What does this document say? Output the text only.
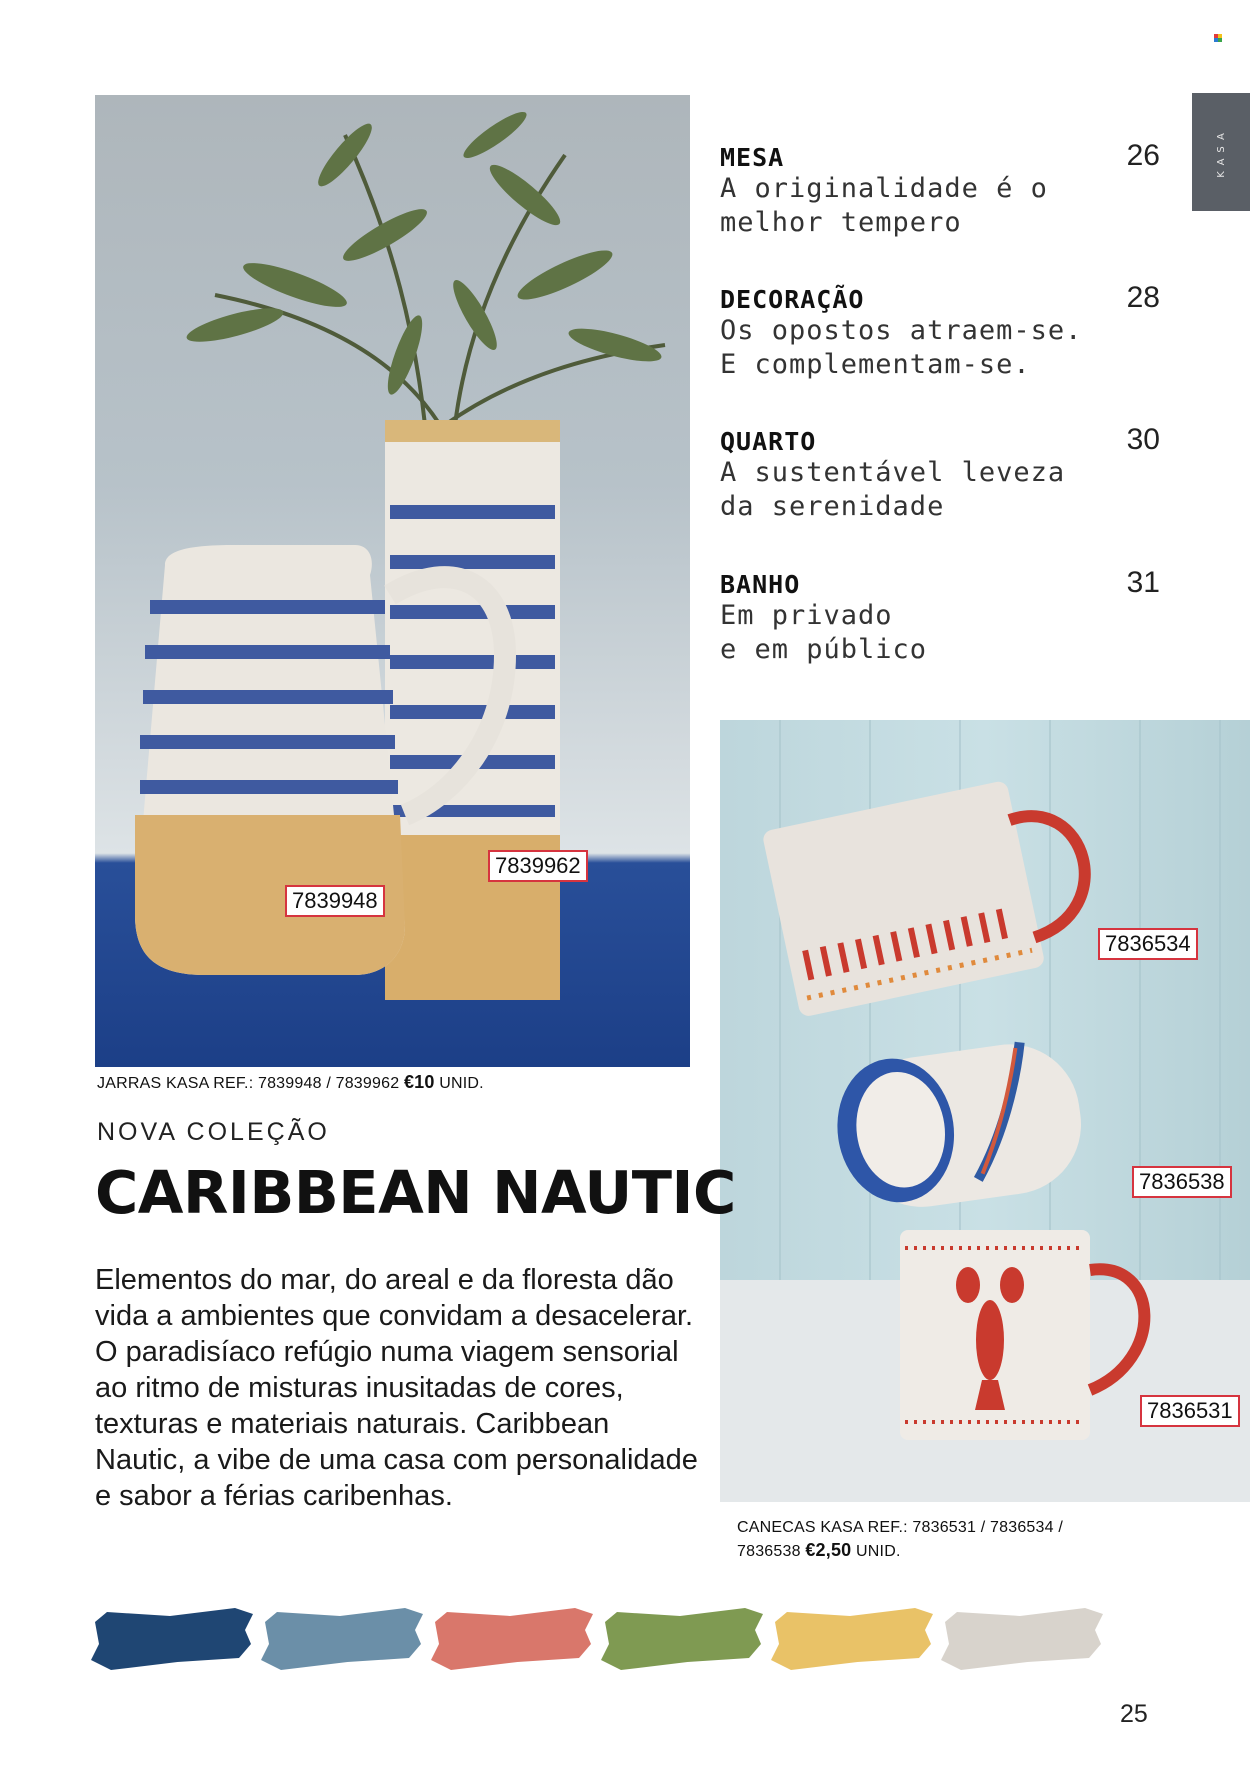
KASA
7839962
7839948
JARRAS KASA REF.: 7839948 / 7839962 €10 UNID.
MESA
A originalidade é o
melhor tempero
26
DECORAÇÃO
Os opostos atraem-se.
E complementam-se.
28
QUARTO
A sustentável leveza
da serenidade
30
BANHO
Em privado
e em público
31
7836534
7836538
7836531
CANECAS KASA REF.: 7836531 / 7836534 /
7836538 €2,50 UNID.
NOVA COLEÇÃO
CARIBBEAN NAUTIC
Elementos do mar, do areal e da floresta dão
vida a ambientes que convidam a desacelerar.
O paradisíaco refúgio numa viagem sensorial
ao ritmo de misturas inusitadas de cores,
texturas e materiais naturais. Caribbean
Nautic, a vibe de uma casa com personalidade
e sabor a férias caribenhas.
25
